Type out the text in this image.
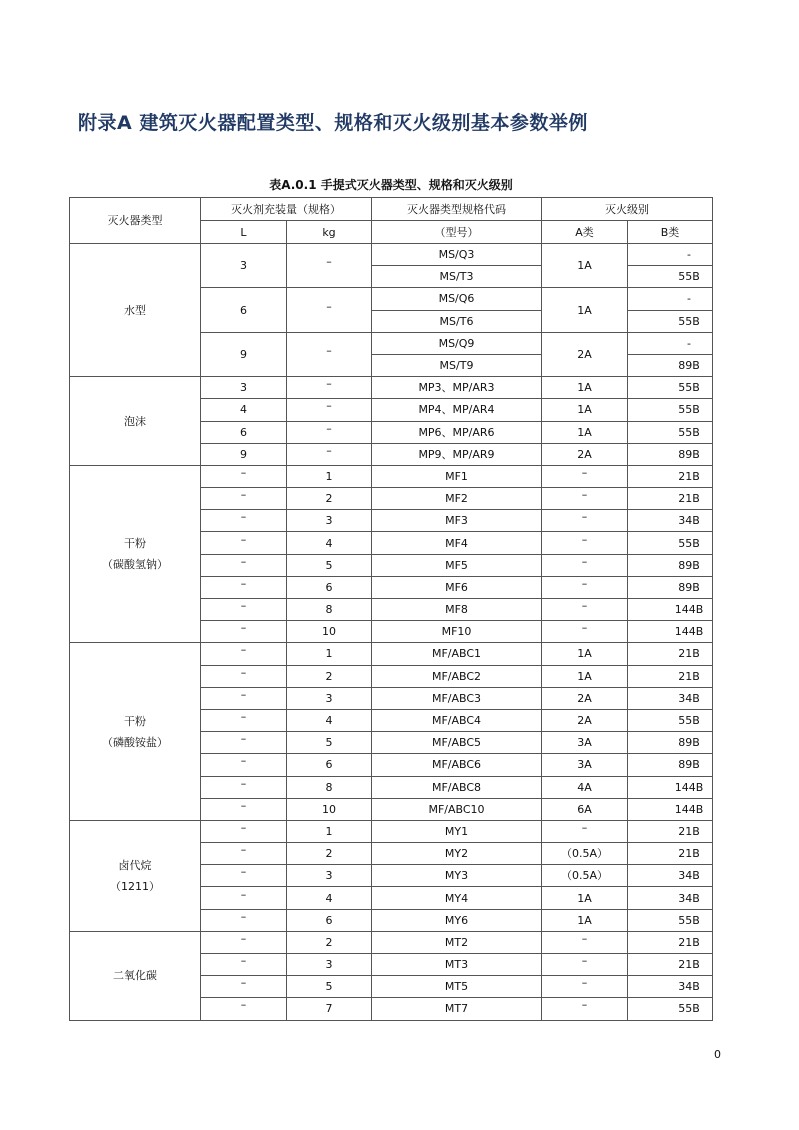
附录A 建筑灭火器配置类型、规格和灭火级别基本参数举例
表A.0.1 手提式灭火器类型、规格和灭火级别
灭火器类型	灭火剂充装量（规格）		灭火器类型规格代码	灭火级别	
	L	kg	（型号）	A类	B类

水型	3	–	MS/Q3	1A	-
			MS/T3		55B
	6	–	MS/Q6	1A	-
			MS/T6		55B
	9	–	MS/Q9	2A	-
			MS/T9		89B

泡沫	3	–	MP3、MP/AR3	1A	55B
	4	–	MP4、MP/AR4	1A	55B
	6	–	MP6、MP/AR6	1A	55B
	9	–	MP9、MP/AR9	2A	89B

干粉
（碳酸氢钠）	–	1	MF1	–	21B
	–	2	MF2	–	21B
	–	3	MF3	–	34B
	–	4	MF4	–	55B
	–	5	MF5	–	89B
	–	6	MF6	–	89B
	–	8	MF8	–	144B
	–	10	MF10	–	144B

干粉
（磷酸铵盐）	–	1	MF/ABC1	1A	21B
	–	2	MF/ABC2	1A	21B
	–	3	MF/ABC3	2A	34B
	–	4	MF/ABC4	2A	55B
	–	5	MF/ABC5	3A	89B
	–	6	MF/ABC6	3A	89B
	–	8	MF/ABC8	4A	144B
	–	10	MF/ABC10	6A	144B

卤代烷
（1211）	–	1	MY1	–	21B
	–	2	MY2	（0.5A）	21B
	–	3	MY3	（0.5A）	34B
	–	4	MY4	1A	34B
	–	6	MY6	1A	55B

二氧化碳	–	2	MT2	–	21B
	–	3	MT3	–	21B
	–	5	MT5	–	34B
	–	7	MT7	–	55B
0
